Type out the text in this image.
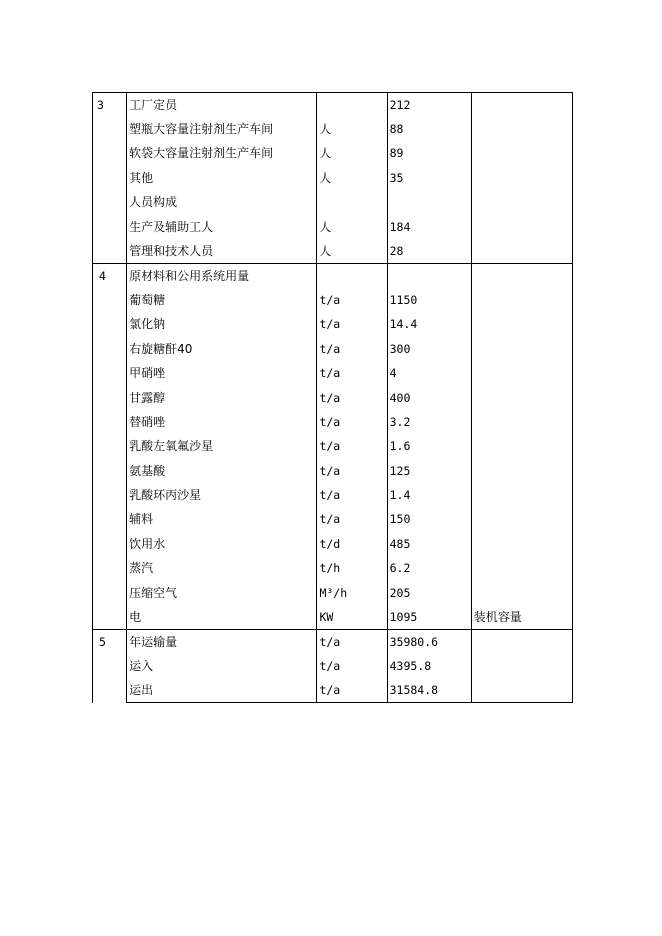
3	工厂定员		212	
	塑瓶大容量注射剂生产车间	人	88	
	软袋大容量注射剂生产车间	人	89	
	其他	人	35	
	人员构成			
	生产及辅助工人	人	184	
	管理和技术人员	人	28	
4	原材料和公用系统用量			
	葡萄糖	t/a	1150	
	氯化钠	t/a	14.4	
	右旋糖酐40	t/a	300	
	甲硝唑	t/a	4	
	甘露醇	t/a	400	
	替硝唑	t/a	3.2	
	乳酸左氧氟沙星	t/a	1.6	
	氨基酸	t/a	125	
	乳酸环丙沙星	t/a	1.4	
	辅料	t/a	150	
	饮用水	t/d	485	
	蒸汽	t/h	6.2	
	压缩空气	M³/h	205	
	电	KW	1095	装机容量
5	年运输量	t/a	35980.6	
	运入	t/a	4395.8	
	运出	t/a	31584.8	
